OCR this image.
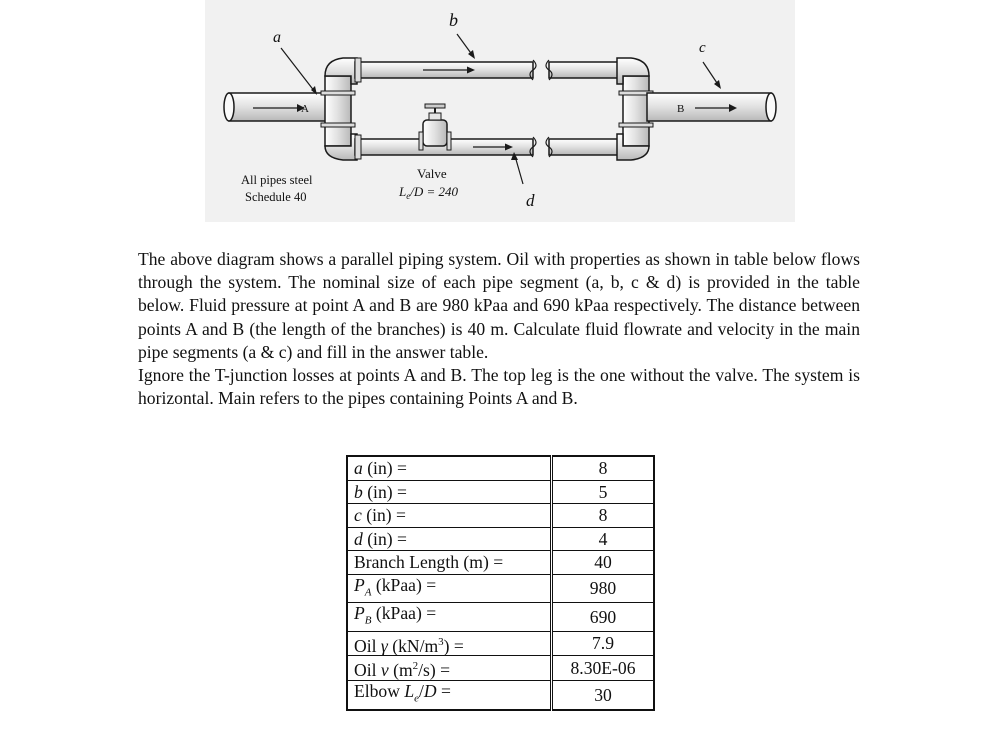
a
b
c
d
A	B
Valve
$L_e/D = 240$
All pipes steel
Schedule 40

The above diagram shows a parallel piping system. Oil with properties as shown in table below flows through the system. The nominal size of each pipe segment (a, b, c & d) is provided in the table below. Fluid pressure at point A and B are 980 kPaa and 690 kPaa respectively. The distance between points A and B (the length of the branches) is 40 m. Calculate fluid flowrate and velocity in the main pipe segments (a & c) and fill in the answer table.

Ignore the T-junction losses at points A and B. The top leg is the one without the valve. The system is horizontal. Main refers to the pipes containing Points A and B.

a (in) =	8
b (in) =	5
c (in) =	8
d (in) =	4
Branch Length (m) =	40
$P_A$ (kPaa) =	980
$P_B$ (kPaa) =	690
Oil γ $(kN/m^3)$ =	7.9
Oil ν $(m^2/s)$ =	8.30E-06
Elbow $L_e/D$ =	30
